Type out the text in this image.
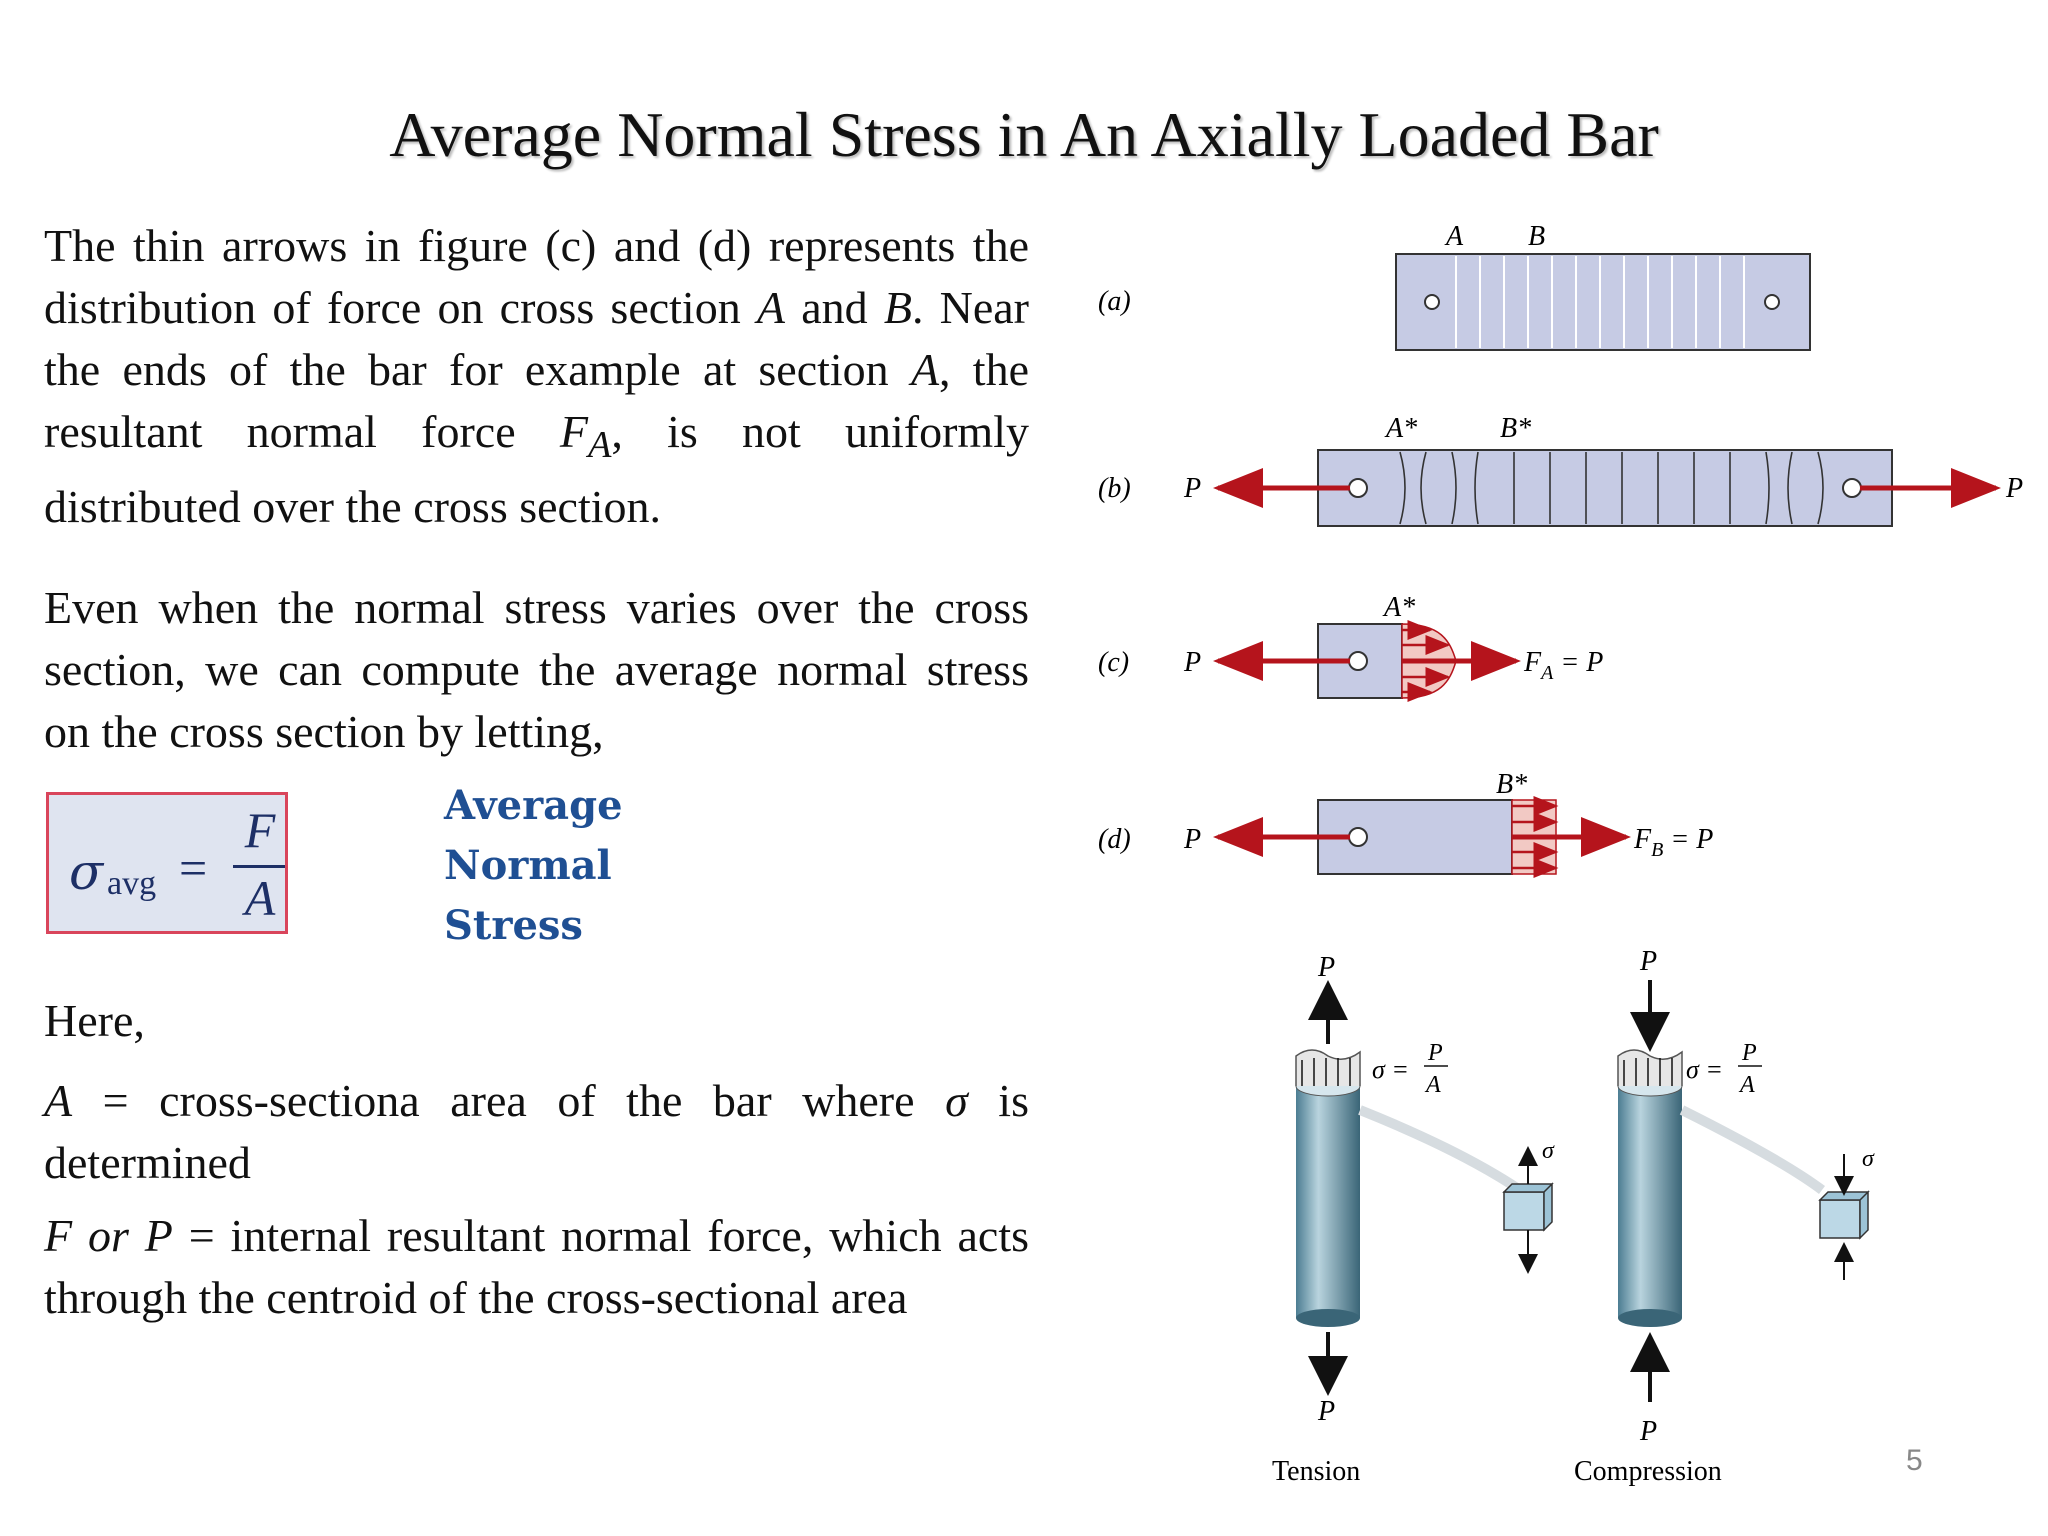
Average Normal Stress in An Axially Loaded Bar
The thin arrows in figure (c) and (d) represents the distribution of force on cross section A and B. Near the ends of the bar for example at section A, the resultant normal force $F_A$, is not uniformly distributed over the cross section.
Even when the normal stress varies over the cross section, we can compute the average normal stress on the cross section by letting,
σ avg =
F
A
Average
Normal
Stress
Here,
A = cross-sectiona area of the bar where σ is determined
F or P = internal resultant normal force, which acts through the centroid of the cross-sectional area
(a)
A B
(b) P
A*	B*
P
(c) P
A*
$F_A = P$
(d) P
B*
$F_B = P$
P
σ =
P
A
P
σ
Tension
P
σ =
P
A
P
σ
Compression	5
